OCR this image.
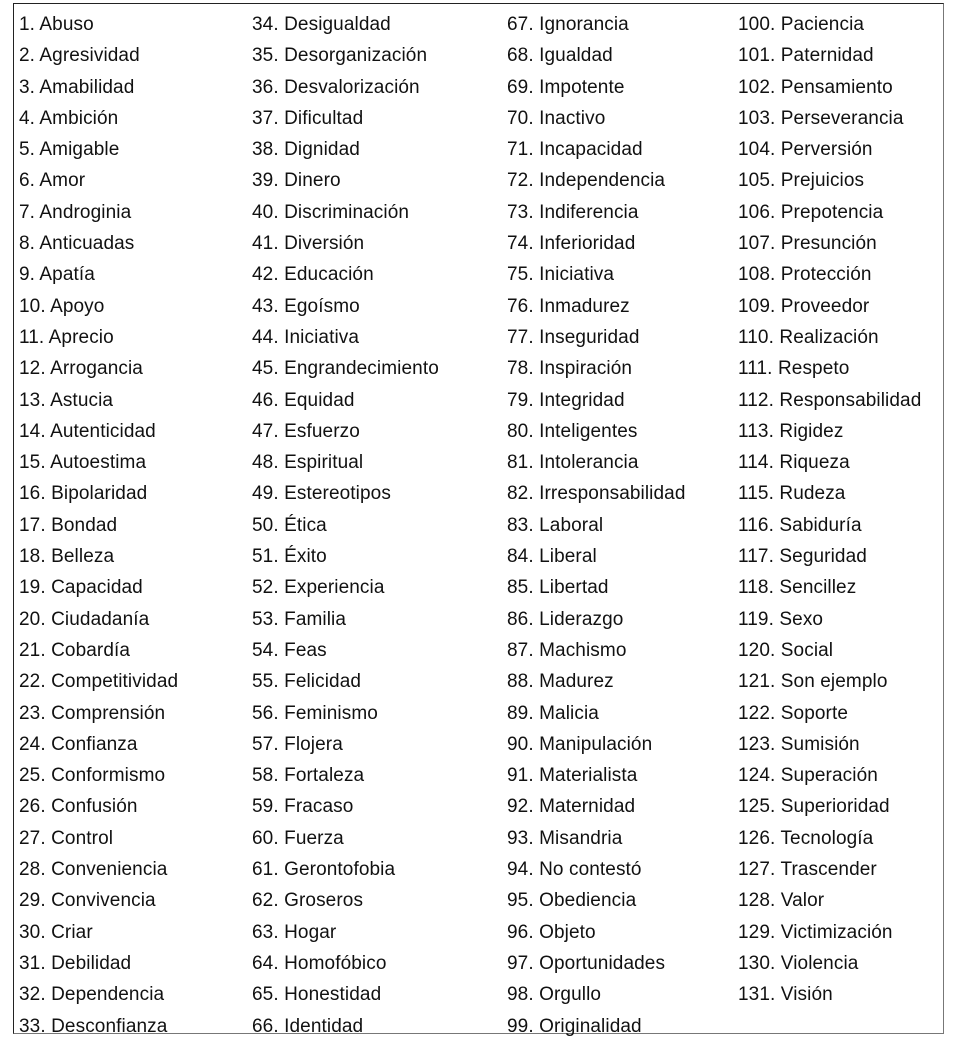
1. Abuso
2. Agresividad
3. Amabilidad
4. Ambición
5. Amigable
6. Amor
7. Androginia
8. Anticuadas
9. Apatía
10. Apoyo
11. Aprecio
12. Arrogancia
13. Astucia
14. Autenticidad
15. Autoestima
16. Bipolaridad
17. Bondad
18. Belleza
19. Capacidad
20. Ciudadanía
21. Cobardía
22. Competitividad
23. Comprensión
24. Confianza
25. Conformismo
26. Confusión
27. Control
28. Conveniencia
29. Convivencia
30. Criar
31. Debilidad
32. Dependencia
33. Desconfianza
34. Desigualdad
35. Desorganización
36. Desvalorización
37. Dificultad
38. Dignidad
39. Dinero
40. Discriminación
41. Diversión
42. Educación
43. Egoísmo
44. Iniciativa
45. Engrandecimiento
46. Equidad
47. Esfuerzo
48. Espiritual
49. Estereotipos
50. Ética
51. Éxito
52. Experiencia
53. Familia
54. Feas
55. Felicidad
56. Feminismo
57. Flojera
58. Fortaleza
59. Fracaso
60. Fuerza
61. Gerontofobia
62. Groseros
63. Hogar
64. Homofóbico
65. Honestidad
66. Identidad
67. Ignorancia
68. Igualdad
69. Impotente
70. Inactivo
71. Incapacidad
72. Independencia
73. Indiferencia
74. Inferioridad
75. Iniciativa
76. Inmadurez
77. Inseguridad
78. Inspiración
79. Integridad
80. Inteligentes
81. Intolerancia
82. Irresponsabilidad
83. Laboral
84. Liberal
85. Libertad
86. Liderazgo
87. Machismo
88. Madurez
89. Malicia
90. Manipulación
91. Materialista
92. Maternidad
93. Misandria
94. No contestó
95. Obediencia
96. Objeto
97. Oportunidades
98. Orgullo
99. Originalidad
100. Paciencia
101. Paternidad
102. Pensamiento
103. Perseverancia
104. Perversión
105. Prejuicios
106. Prepotencia
107. Presunción
108. Protección
109. Proveedor
110. Realización
111. Respeto
112. Responsabilidad
113. Rigidez
114. Riqueza
115. Rudeza
116. Sabiduría
117. Seguridad
118. Sencillez
119. Sexo
120. Social
121. Son ejemplo
122. Soporte
123. Sumisión
124. Superación
125. Superioridad
126. Tecnología
127. Trascender
128. Valor
129. Victimización
130. Violencia
131. Visión
